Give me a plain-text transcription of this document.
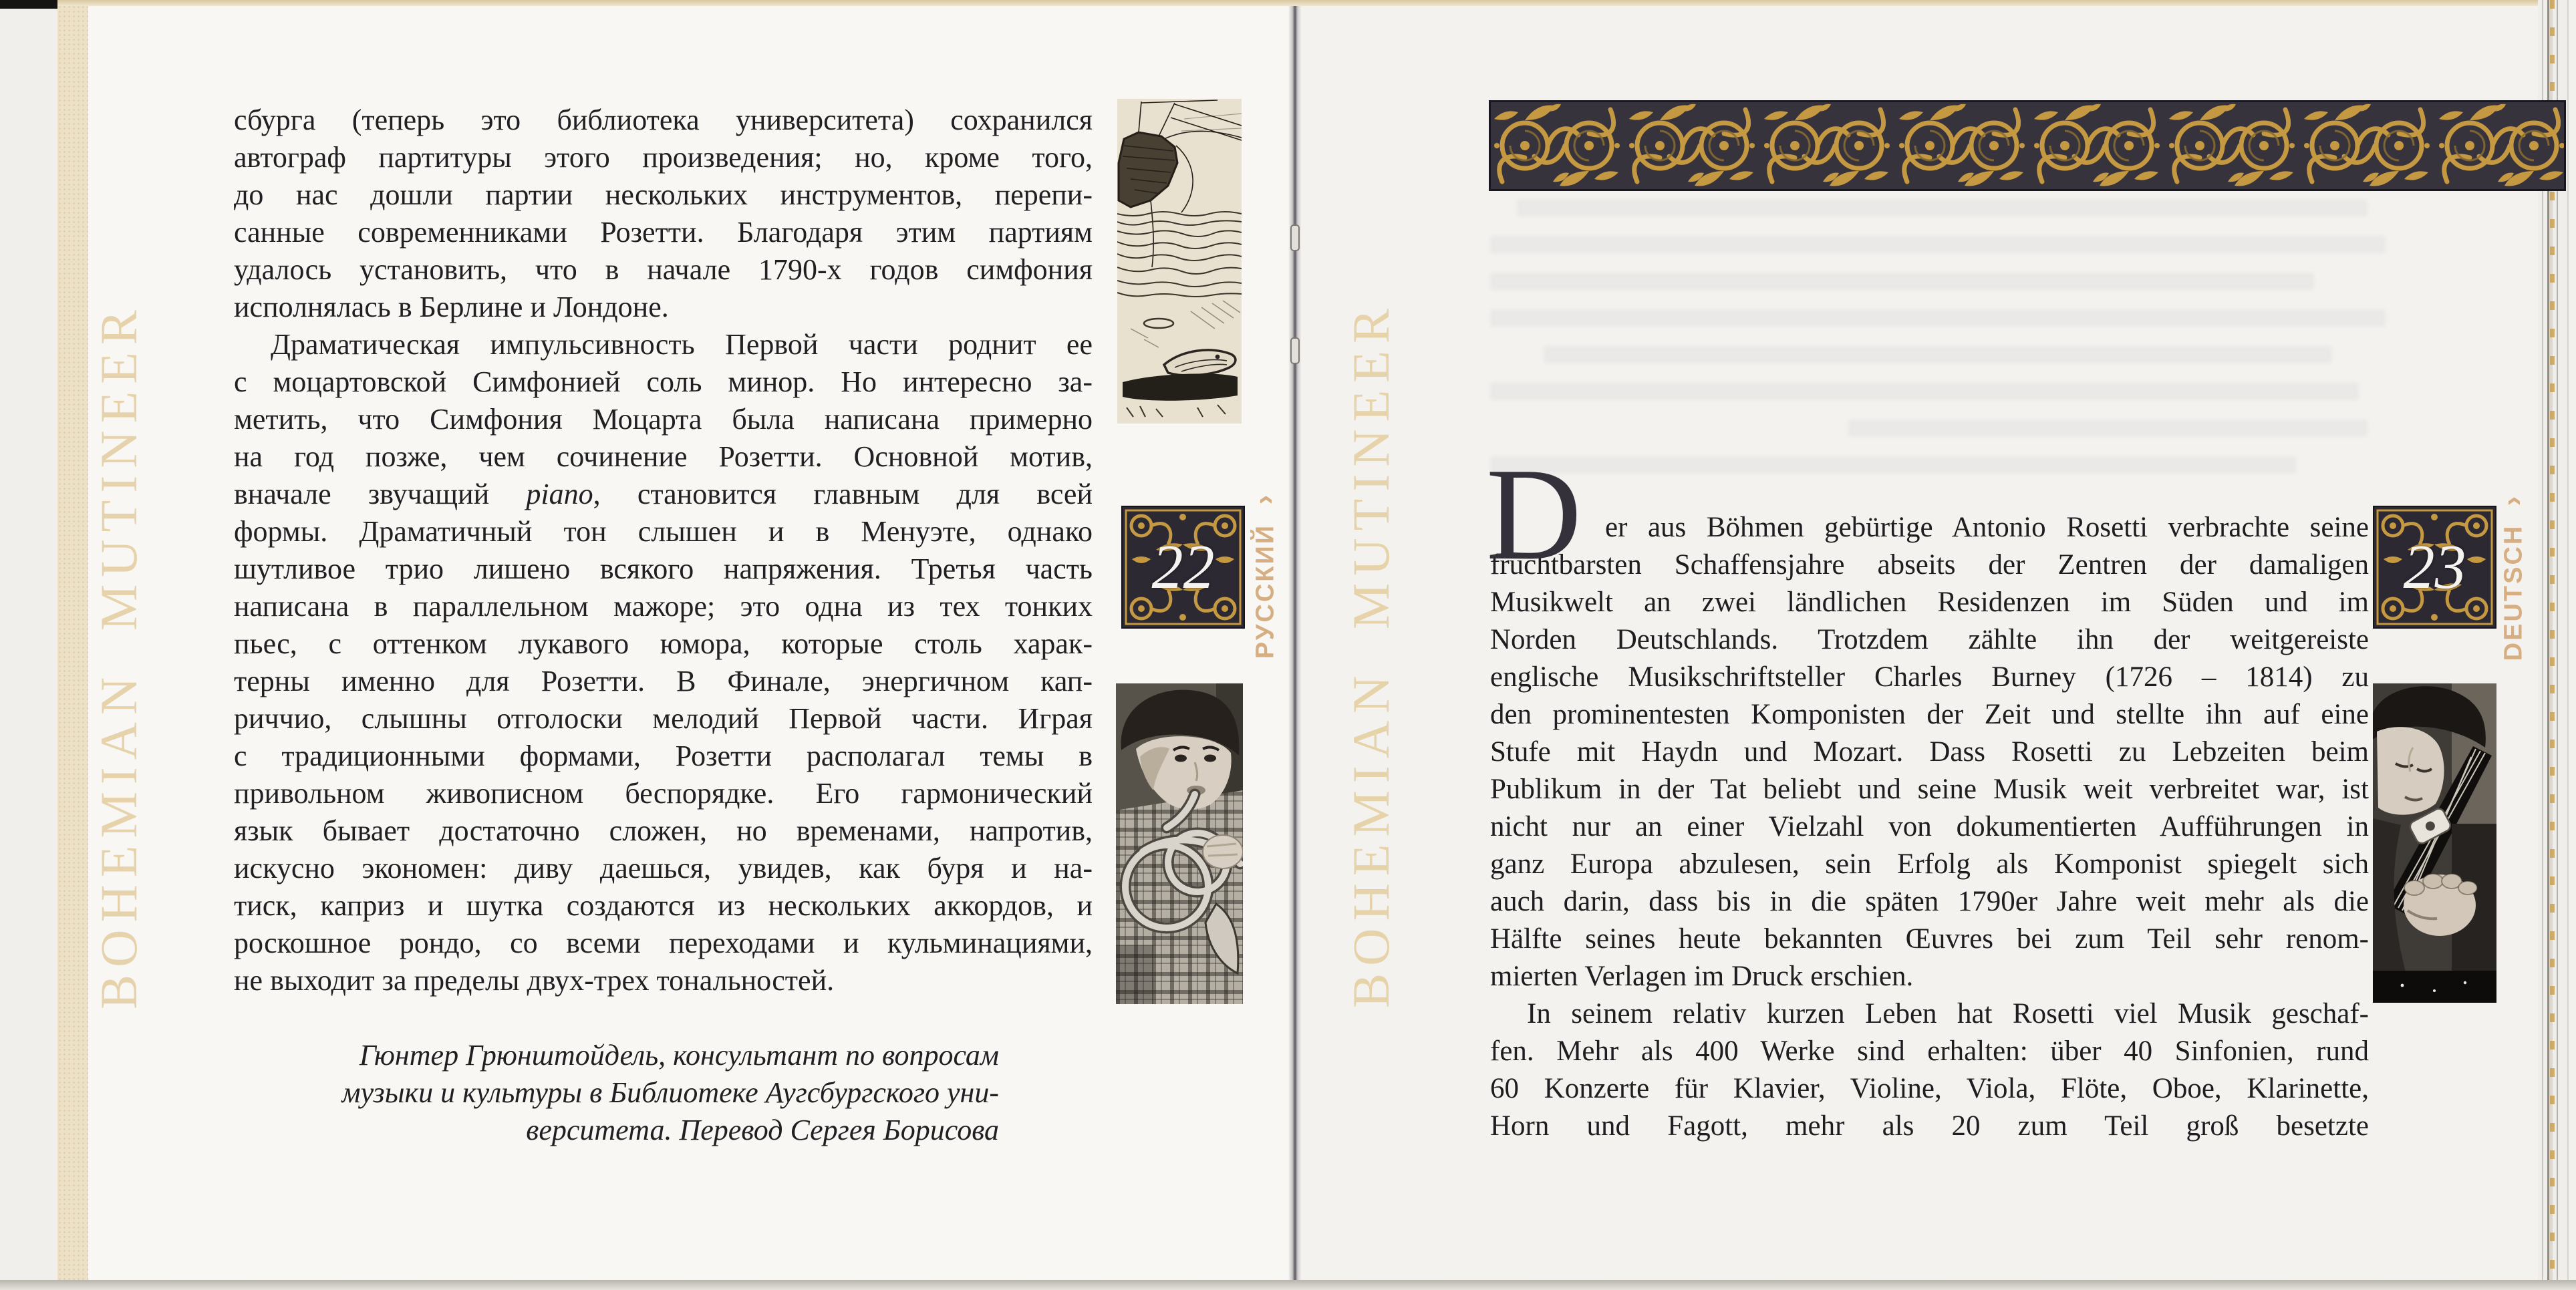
BOHEMIAN MUTINEER	BOHEMIAN MUTINEER
сбурга (теперь это библиотека университета) сохранился
автограф партитуры этого произведения; но, кроме того,
до нас дошли партии нескольких инструментов, перепи-
санные современниками Розетти. Благодаря этим партиям
удалось установить, что в начале 1790-х годов симфония
исполнялась в Берлине и Лондоне.
Драматическая импульсивность Первой части роднит ее
с моцартовской Симфонией соль минор. Но интересно за-
метить, что Симфония Моцарта была написана примерно
на год позже, чем сочинение Розетти. Основной мотив,
вначале звучащий piano, становится главным для всей
формы. Драматичный тон слышен и в Менуэте, однако
шутливое трио лишено всякого напряжения. Третья часть
написана в параллельном мажоре; это одна из тех тонких
пьес, с оттенком лукавого юмора, которые столь харак-
терны именно для Розетти. В Финале, энергичном кап-
риччио, слышны отголоски мелодий Первой части. Играя
с традиционными формами, Розетти располагал темы в
привольном живописном беспорядке. Его гармонический
язык бывает достаточно сложен, но временами, напротив,
искусно экономен: диву даешься, увидев, как буря и на-
тиск, каприз и шутка создаются из нескольких аккордов, и
роскошное рондо, со всеми переходами и кульминациями,
не выходит за пределы двух-трех тональностей.
Гюнтер Грюнштойдель, консультант по вопросам
музыки и культуры в Библиотеке Аугсбургского уни-
верситета. Перевод Сергея Борисова
22
›
РУССКИЙ
D er aus Böhmen gebürtige Antonio Rosetti verbrachte seine
fruchtbarsten Schaffensjahre abseits der Zentren der damaligen
Musikwelt an zwei ländlichen Residenzen im Süden und im
Norden Deutschlands. Trotzdem zählte ihn der weitgereiste
englische Musikschriftsteller Charles Burney (1726 – 1814) zu
den prominentesten Komponisten der Zeit und stellte ihn auf eine
Stufe mit Haydn und Mozart. Dass Rosetti zu Lebzeiten beim
Publikum in der Tat beliebt und seine Musik weit verbreitet war, ist
nicht nur an einer Vielzahl von dokumentierten Aufführungen in
ganz Europa abzulesen, sein Erfolg als Komponist spiegelt sich
auch darin, dass bis in die späten 1790er Jahre weit mehr als die
Hälfte seines heute bekannten Œuvres bei zum Teil sehr renom-
mierten Verlagen im Druck erschien.
In seinem relativ kurzen Leben hat Rosetti viel Musik geschaf-
fen. Mehr als 400 Werke sind erhalten: über 40 Sinfonien, rund
60 Konzerte für Klavier, Violine, Viola, Flöte, Oboe, Klarinette,
Horn und Fagott, mehr als 20 zum Teil groß besetzte
23
›
DEUTSCH
